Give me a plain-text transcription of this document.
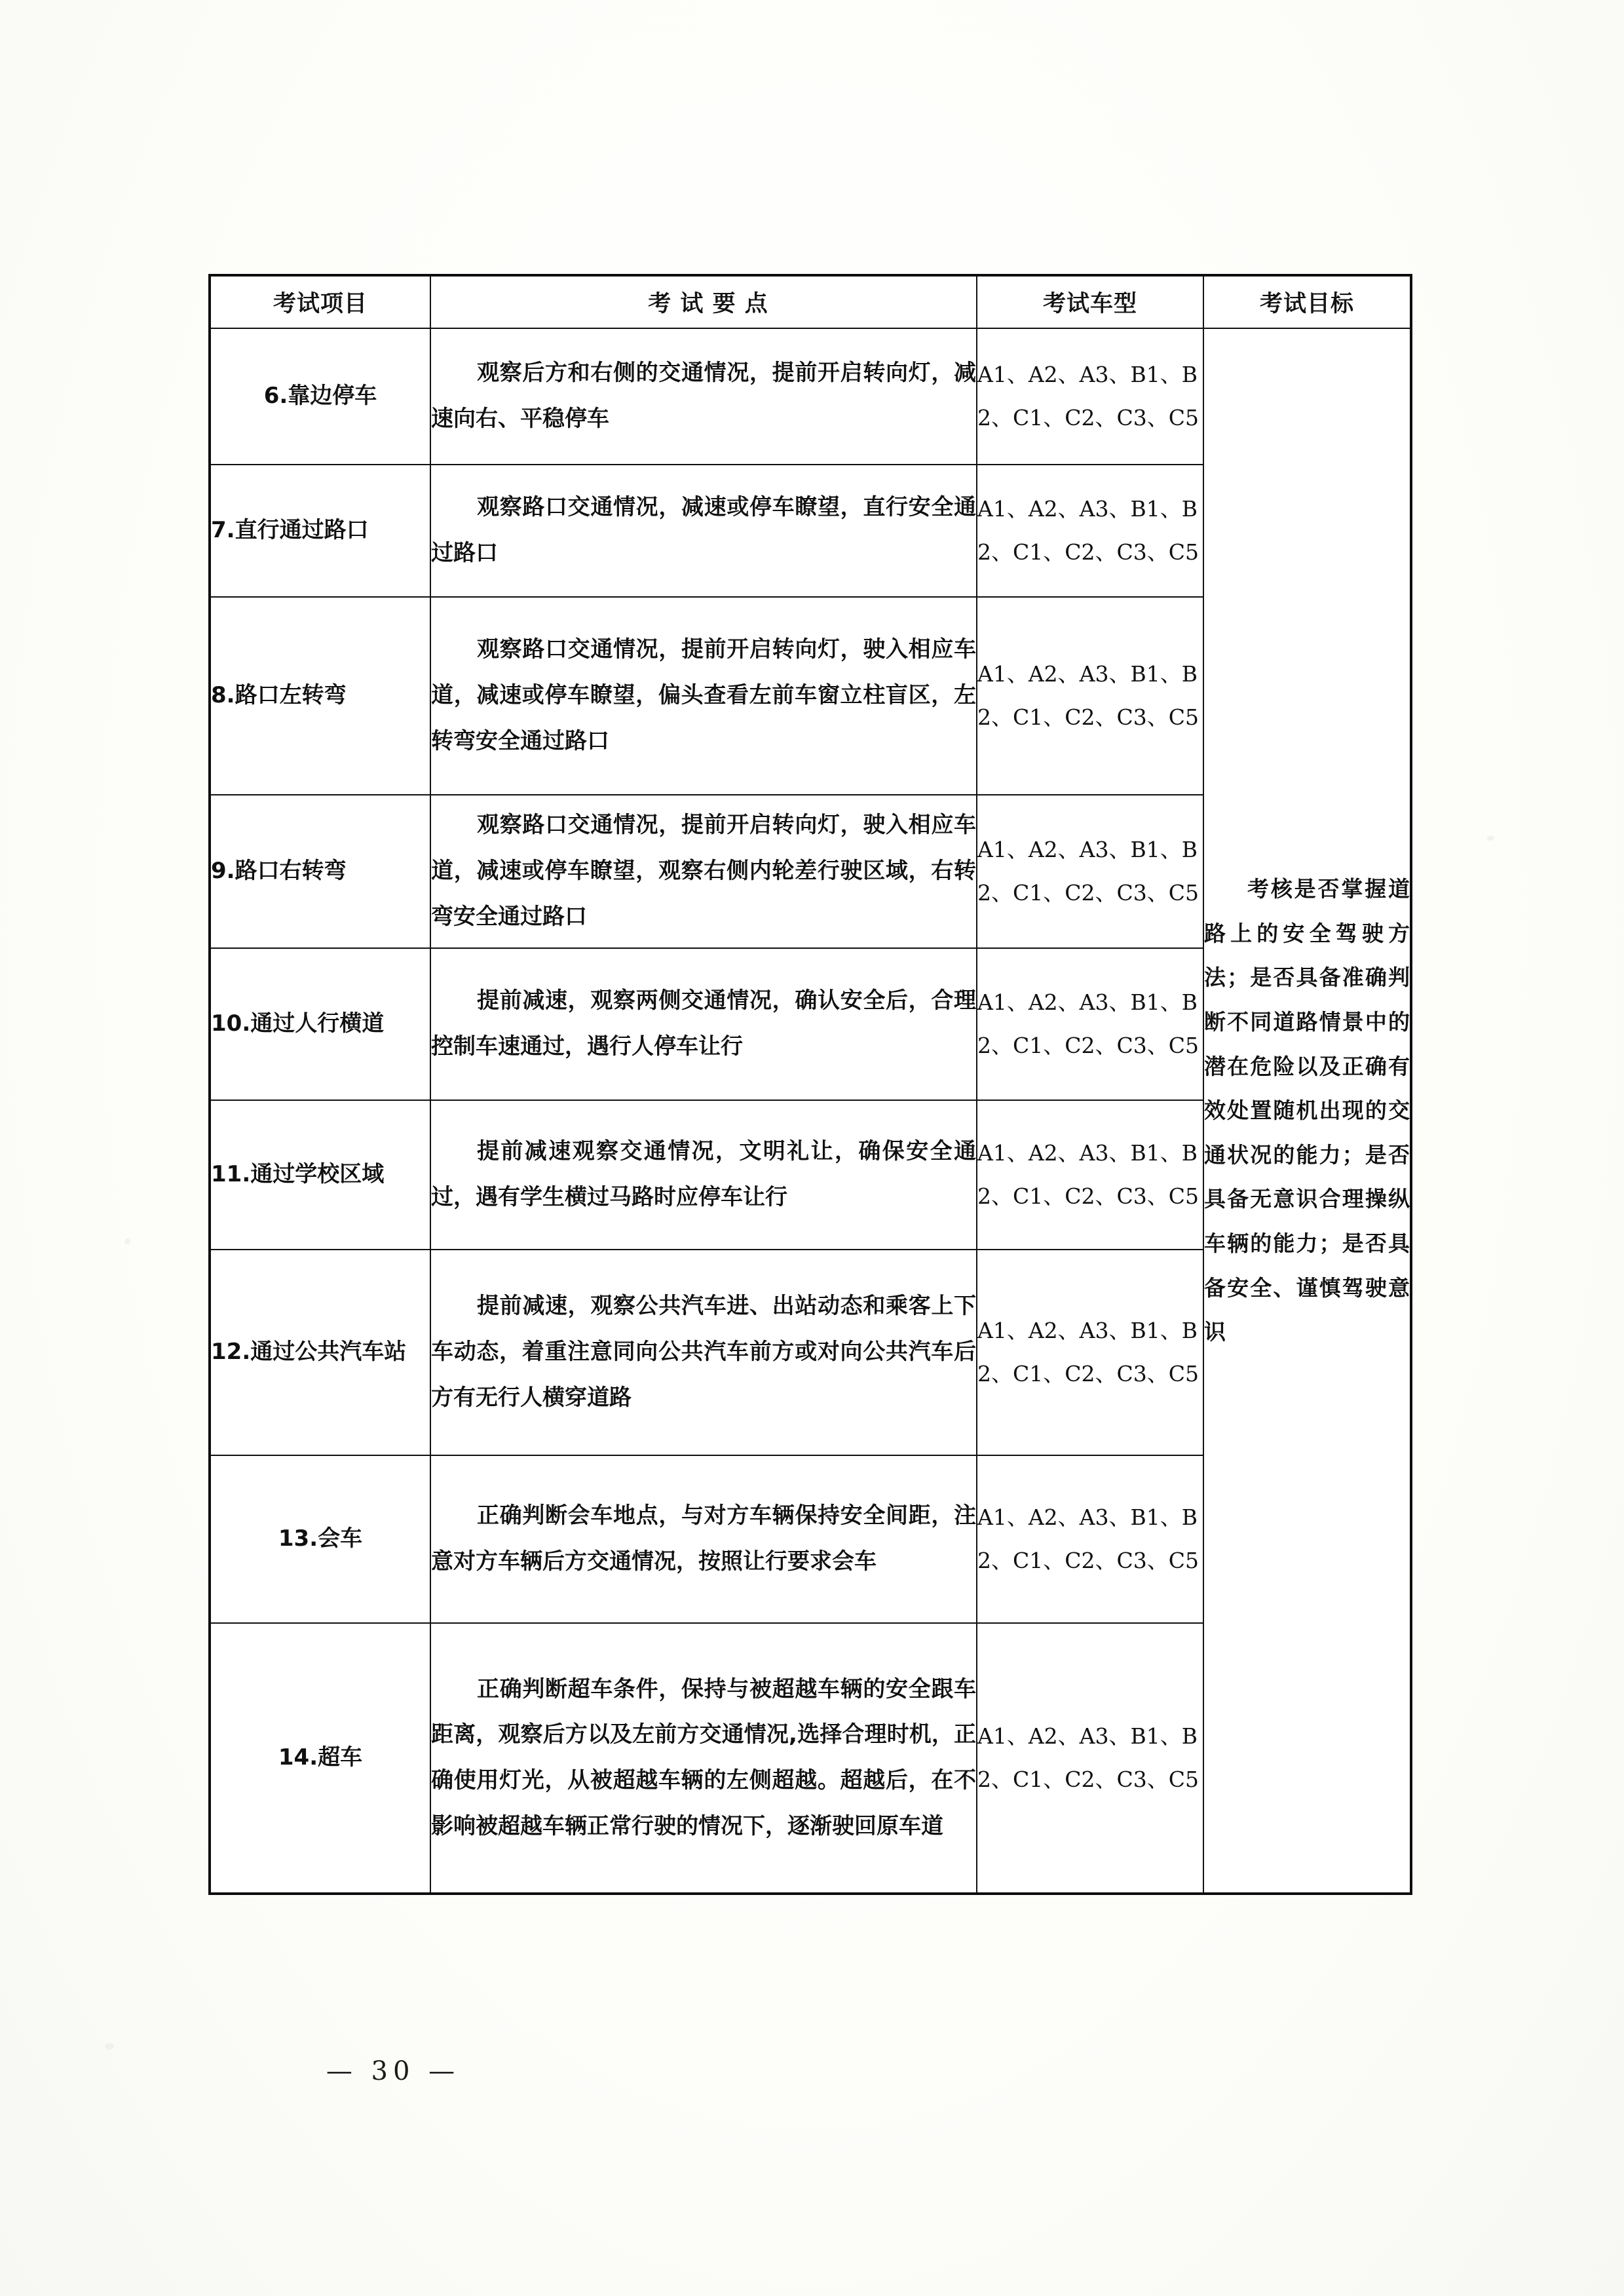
考试项目	考 试 要 点	考试车型	考试目标

6.靠边停车	观察后方和右侧的交通情况，提前开启转向灯，减速向右、平稳停车	A1、A2、A3、B1、B2、C1、C2、C3、C5	考核是否掌握道路上的安全驾驶方法；是否具备准确判断不同道路情景中的潜在危险以及正确有效处置随机出现的交通状况的能力；是否具备无意识合理操纵车辆的能力；是否具备安全、谨慎驾驶意识

7.直行通过路口	观察路口交通情况，减速或停车瞭望，直行安全通过路口	A1、A2、A3、B1、B2、C1、C2、C3、C5	

8.路口左转弯	观察路口交通情况，提前开启转向灯，驶入相应车道，减速或停车瞭望，偏头查看左前车窗立柱盲区，左转弯安全通过路口	A1、A2、A3、B1、B2、C1、C2、C3、C5	

9.路口右转弯	观察路口交通情况，提前开启转向灯，驶入相应车道，减速或停车瞭望，观察右侧内轮差行驶区域，右转弯安全通过路口	A1、A2、A3、B1、B2、C1、C2、C3、C5	

10.通过人行横道	提前减速，观察两侧交通情况，确认安全后，合理控制车速通过，遇行人停车让行	A1、A2、A3、B1、B2、C1、C2、C3、C5	

11.通过学校区域	提前减速观察交通情况，文明礼让，确保安全通过，遇有学生横过马路时应停车让行	A1、A2、A3、B1、B2、C1、C2、C3、C5	

12.通过公共汽车站	提前减速，观察公共汽车进、出站动态和乘客上下车动态，着重注意同向公共汽车前方或对向公共汽车后方有无行人横穿道路	A1、A2、A3、B1、B2、C1、C2、C3、C5	

13.会车	正确判断会车地点，与对方车辆保持安全间距，注意对方车辆后方交通情况，按照让行要求会车	A1、A2、A3、B1、B2、C1、C2、C3、C5	

14.超车	正确判断超车条件，保持与被超越车辆的安全跟车距离，观察后方以及左前方交通情况,选择合理时机，正确使用灯光，从被超越车辆的左侧超越。超越后，在不影响被超越车辆正常行驶的情况下，逐渐驶回原车道	A1、A2、A3、B1、B2、C1、C2、C3、C5	
— 30 —
